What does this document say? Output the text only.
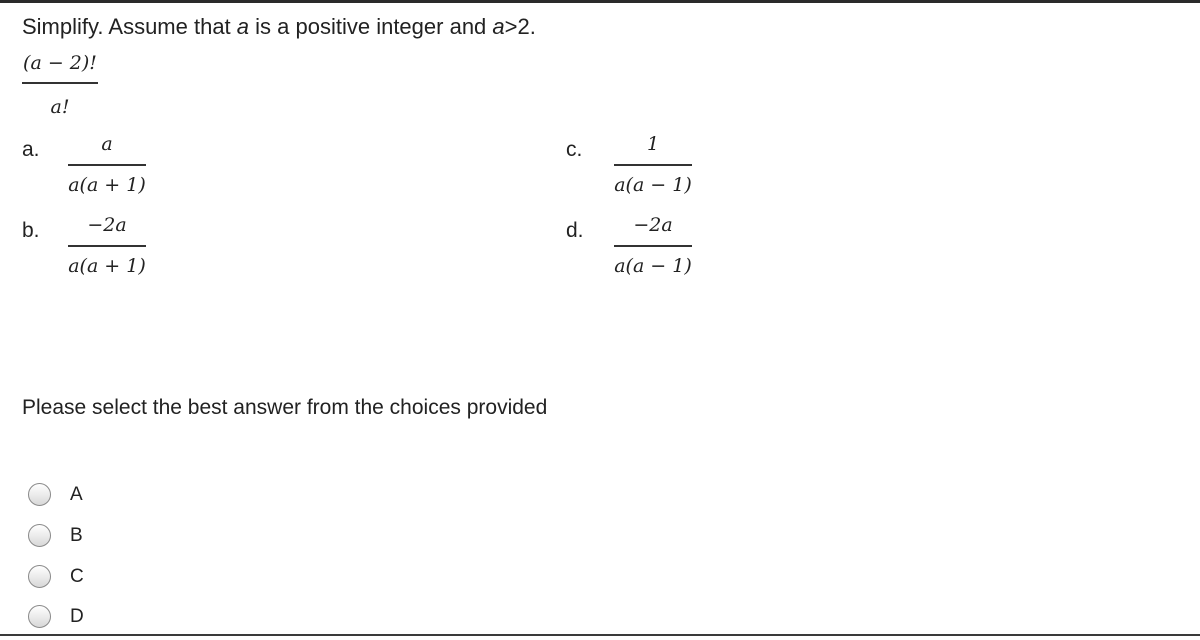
Simplify. Assume that a is a positive integer and a>2.
(a − 2)!
a!
a.	a
a(a + 1)
b.	−2a
a(a + 1)
c.	1
a(a − 1)
d.	−2a
a(a − 1)
Please select the best answer from the choices provided
A
B
C
D
